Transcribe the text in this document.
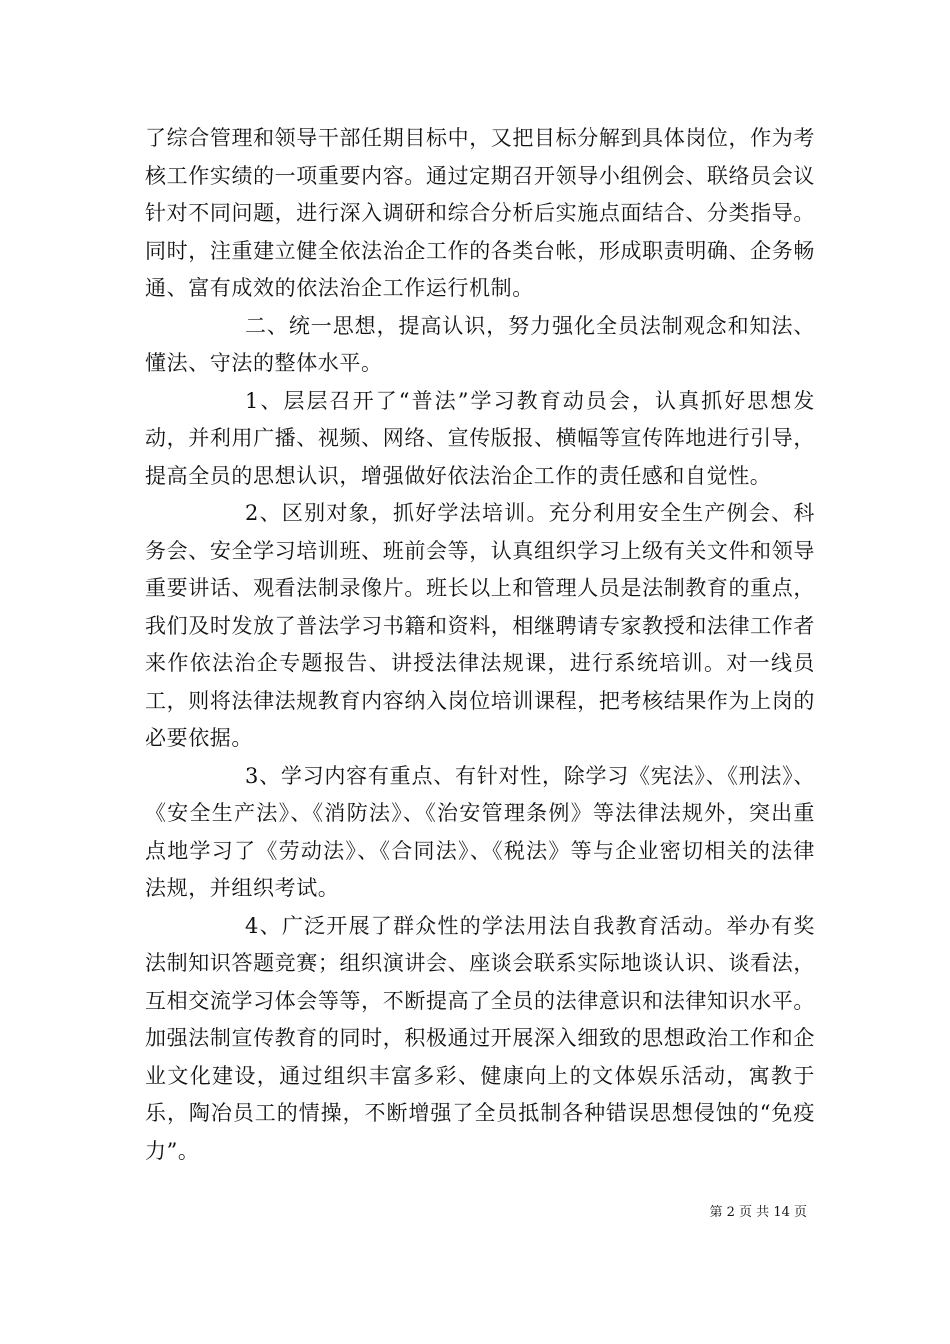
了综合管理和领导干部任期目标中，又把目标分解到具体岗位，作为考核工作实绩的一项重要内容。通过定期召开领导小组例会、联络员会议针对不同问题，进行深入调研和综合分析后实施点面结合、分类指导。同时，注重建立健全依法治企工作的各类台帐，形成职责明确、企务畅通、富有成效的依法治企工作运行机制。

二、统一思想，提高认识，努力强化全员法制观念和知法、懂法、守法的整体水平。

1、层层召开了“普法”学习教育动员会，认真抓好思想发动，并利用广播、视频、网络、宣传版报、横幅等宣传阵地进行引导，提高全员的思想认识，增强做好依法治企工作的责任感和自觉性。

2、区别对象，抓好学法培训。充分利用安全生产例会、科务会、安全学习培训班、班前会等，认真组织学习上级有关文件和领导重要讲话、观看法制录像片。班长以上和管理人员是法制教育的重点，我们及时发放了普法学习书籍和资料，相继聘请专家教授和法律工作者来作依法治企专题报告、讲授法律法规课，进行系统培训。对一线员工，则将法律法规教育内容纳入岗位培训课程，把考核结果作为上岗的必要依据。

3、学习内容有重点、有针对性，除学习《宪法》、《刑法》、《安全生产法》、《消防法》、《治安管理条例》等法律法规外，突出重点地学习了《劳动法》、《合同法》、《税法》等与企业密切相关的法律法规，并组织考试。

4、广泛开展了群众性的学法用法自我教育活动。举办有奖法制知识答题竞赛；组织演讲会、座谈会联系实际地谈认识、谈看法，互相交流学习体会等等，不断提高了全员的法律意识和法律知识水平。加强法制宣传教育的同时，积极通过开展深入细致的思想政治工作和企业文化建设，通过组织丰富多彩、健康向上的文体娱乐活动，寓教于乐，陶冶员工的情操，不断增强了全员抵制各种错误思想侵蚀的“免疫力”。

第 2 页 共 14 页
